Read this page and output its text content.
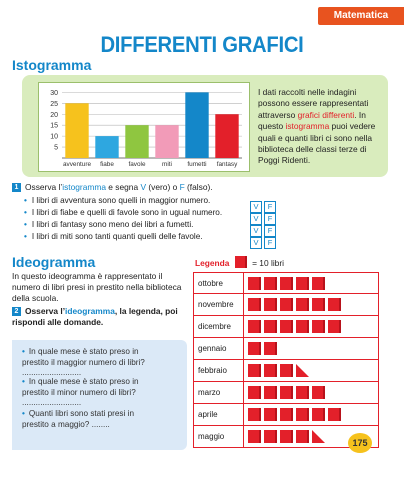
Matematica
DIFFERENTI GRAFICI
Istogramma
5
10
15
20
25
30
avventure fiabe favole	miti fumetti fantasy
I dati raccolti nelle indagini possono essere rappresentati attraverso grafici differenti. In questo istogramma puoi vedere quali e quanti libri ci sono nella biblioteca delle classi terze di Poggi Ridenti.
1 Osserva l’istogramma e segna V (vero) o F (falso).
• I libri di avventura sono quelli in maggior numero.
V F
• I libri di fiabe e quelli di favole sono in ugual numero.
V F
• I libri di fantasy sono meno dei libri a fumetti.
V F
• I libri di miti sono tanti quanti quelli delle favole.
V F
Ideogramma
In questo ideogramma è rappresentato il numero di libri presi in prestito nella biblioteca della scuola.
2 Osserva l’ideogramma, la legenda, poi rispondi alle domande.
• In quale mese è stato preso in prestito il maggior numero di libri? ..........................
• In quale mese è stato preso in prestito il minor numero di libri? ..........................
• Quanti libri sono stati presi in prestito a maggio? ........
Legenda	= 10 libri
ottobre
novembre
dicembre
gennaio
febbraio
marzo
aprile
maggio
175
